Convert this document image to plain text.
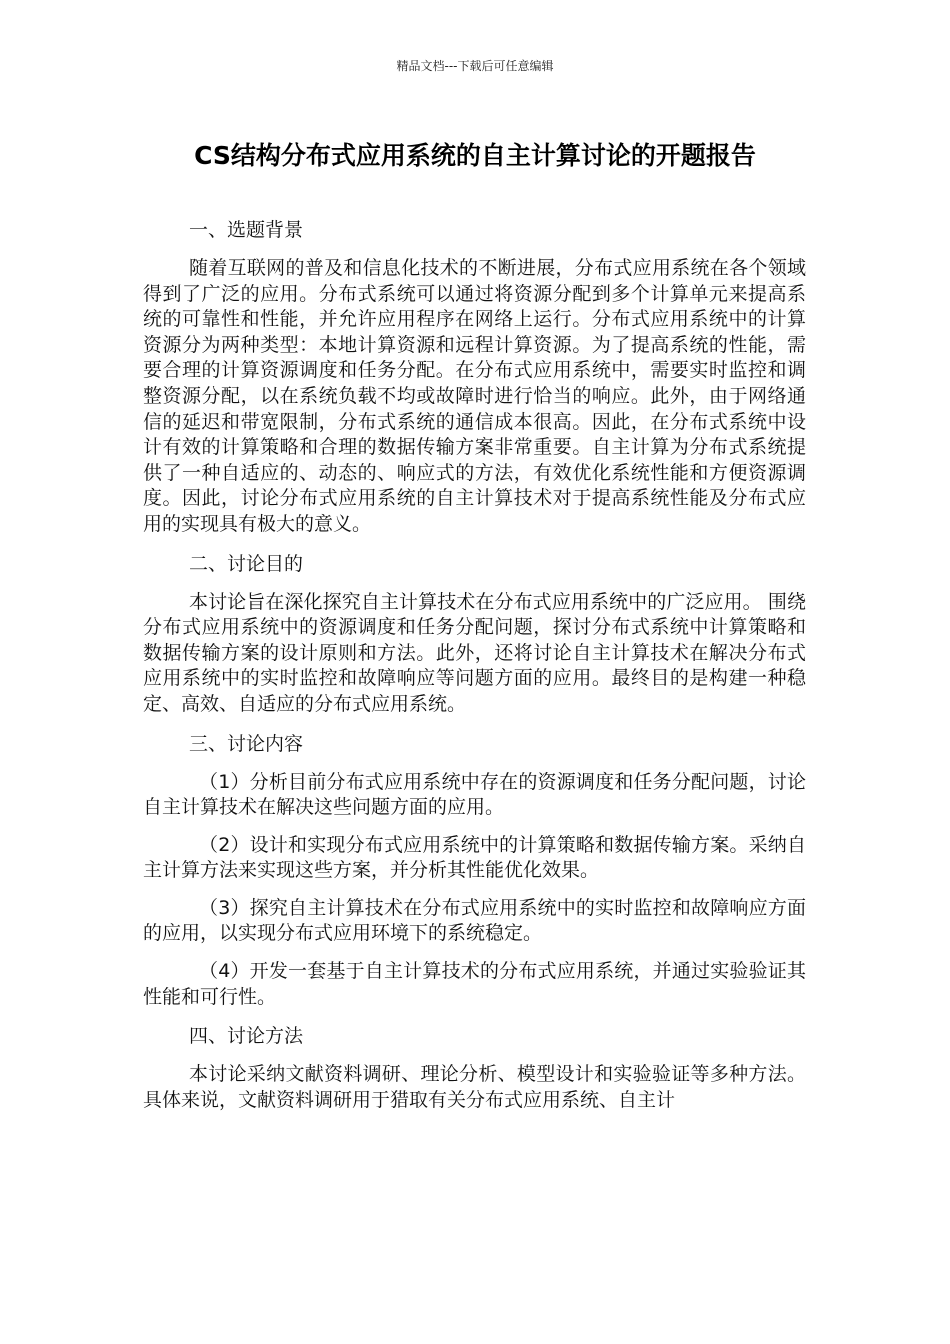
精品文档---下载后可任意编辑
CS结构分布式应用系统的自主计算讨论的开题报告
一、选题背景

随着互联网的普及和信息化技术的不断进展，分布式应用系统在各个领域得到了广泛的应用。分布式系统可以通过将资源分配到多个计算单元来提高系统的可靠性和性能，并允许应用程序在网络上运行。分布式应用系统中的计算资源分为两种类型：本地计算资源和远程计算资源。为了提高系统的性能，需要合理的计算资源调度和任务分配。在分布式应用系统中，需要实时监控和调整资源分配，以在系统负载不均或故障时进行恰当的响应。此外，由于网络通信的延迟和带宽限制，分布式系统的通信成本很高。因此，在分布式系统中设计有效的计算策略和合理的数据传输方案非常重要。自主计算为分布式系统提供了一种自适应的、动态的、响应式的方法，有效优化系统性能和方便资源调度。因此，讨论分布式应用系统的自主计算技术对于提高系统性能及分布式应用的实现具有极大的意义。

二、讨论目的

本讨论旨在深化探究自主计算技术在分布式应用系统中的广泛应用。 围绕分布式应用系统中的资源调度和任务分配问题，探讨分布式系统中计算策略和数据传输方案的设计原则和方法。此外，还将讨论自主计算技术在解决分布式应用系统中的实时监控和故障响应等问题方面的应用。最终目的是构建一种稳定、高效、自适应的分布式应用系统。

三、讨论内容

（1）分析目前分布式应用系统中存在的资源调度和任务分配问题，讨论自主计算技术在解决这些问题方面的应用。

（2）设计和实现分布式应用系统中的计算策略和数据传输方案。采纳自主计算方法来实现这些方案，并分析其性能优化效果。

（3）探究自主计算技术在分布式应用系统中的实时监控和故障响应方面的应用，以实现分布式应用环境下的系统稳定。

（4）开发一套基于自主计算技术的分布式应用系统，并通过实验验证其性能和可行性。

四、讨论方法

本讨论采纳文献资料调研、理论分析、模型设计和实验验证等多种方法。 具体来说，文献资料调研用于猎取有关分布式应用系统、自主计
